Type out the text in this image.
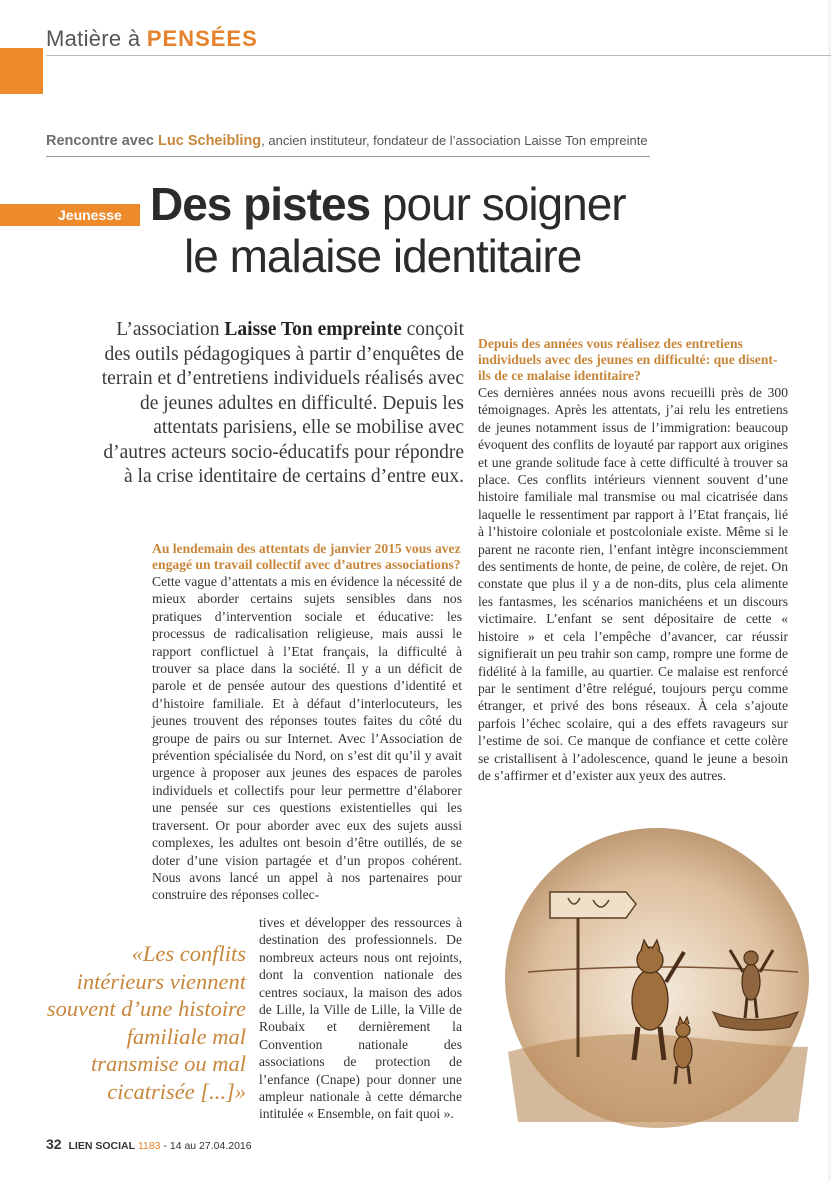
Matière à PENSÉES
Rencontre avec Luc Scheibling, ancien instituteur, fondateur de l’association Laisse Ton empreinte
Jeunesse Des pistes pour soigner
le malaise identitaire
L’association Laisse Ton empreinte conçoit des outils pédagogiques à partir d’enquêtes de terrain et d’entretiens individuels réalisés avec de jeunes adultes en difficulté. Depuis les attentats parisiens, elle se mobilise avec d’autres acteurs socio-éducatifs pour répondre à la crise identitaire de certains d’entre eux.

Au lendemain des attentats de janvier 2015 vous avez engagé un travail collectif avec d’autres associations?

Cette vague d’attentats a mis en évidence la nécessité de mieux aborder certains sujets sensibles dans nos pratiques d’intervention sociale et éducative: les processus de radicalisation religieuse, mais aussi le rapport conflictuel à l’Etat français, la difficulté à trouver sa place dans la société. Il y a un déficit de parole et de pensée autour des questions d’identité et d’histoire familiale. Et à défaut d’interlocuteurs, les jeunes trouvent des réponses toutes faites du côté du groupe de pairs ou sur Internet. Avec l’Association de prévention spécialisée du Nord, on s’est dit qu’il y avait urgence à proposer aux jeunes des espaces de paroles individuels et collectifs pour leur permettre d’élaborer une pensée sur ces questions existentielles qui les traversent. Or pour aborder avec eux des sujets aussi complexes, les adultes ont besoin d’être outillés, de se doter d’une vision partagée et d’un propos cohérent. Nous avons lancé un appel à nos partenaires pour construire des réponses collec-

tives et développer des ressources à destination des professionnels. De nombreux acteurs nous ont rejoints, dont la convention nationale des centres sociaux, la maison des ados de Lille, la Ville de Lille, la Ville de Roubaix et dernièrement la Convention nationale des associations de protection de l’enfance (Cnape) pour donner une ampleur nationale à cette démarche intitulée « Ensemble, on fait quoi ».

«Les conflits intérieurs viennent souvent d’une histoire familiale mal transmise ou mal cicatrisée [...]»

Depuis des années vous réalisez des entretiens individuels avec des jeunes en difficulté: que disent-ils de ce malaise identitaire?

Ces dernières années nous avons recueilli près de 300 témoignages. Après les attentats, j’ai relu les entretiens de jeunes notamment issus de l’immigration: beaucoup évoquent des conflits de loyauté par rapport aux origines et une grande solitude face à cette difficulté à trouver sa place. Ces conflits intérieurs viennent souvent d’une histoire familiale mal transmise ou mal cicatrisée dans laquelle le ressentiment par rapport à l’Etat français, lié à l’histoire coloniale et postcoloniale existe. Même si le parent ne raconte rien, l’enfant intègre inconsciemment des sentiments de honte, de peine, de colère, de rejet. On constate que plus il y a de non-dits, plus cela alimente les fantasmes, les scénarios manichéens et un discours victimaire. L’enfant se sent dépositaire de cette « histoire » et cela l’empêche d’avancer, car réussir signifierait un peu trahir son camp, rompre une forme de fidélité à la famille, au quartier. Ce malaise est renforcé par le sentiment d’être relégué, toujours perçu comme étranger, et privé des bons réseaux. À cela s’ajoute parfois l’échec scolaire, qui a des effets ravageurs sur l’estime de soi. Ce manque de confiance et cette colère se cristallisent à l’adolescence, quand le jeune a besoin de s’affirmer et d’exister aux yeux des autres.

32 LIEN SOCIAL 1183 - 14 au 27.04.2016
